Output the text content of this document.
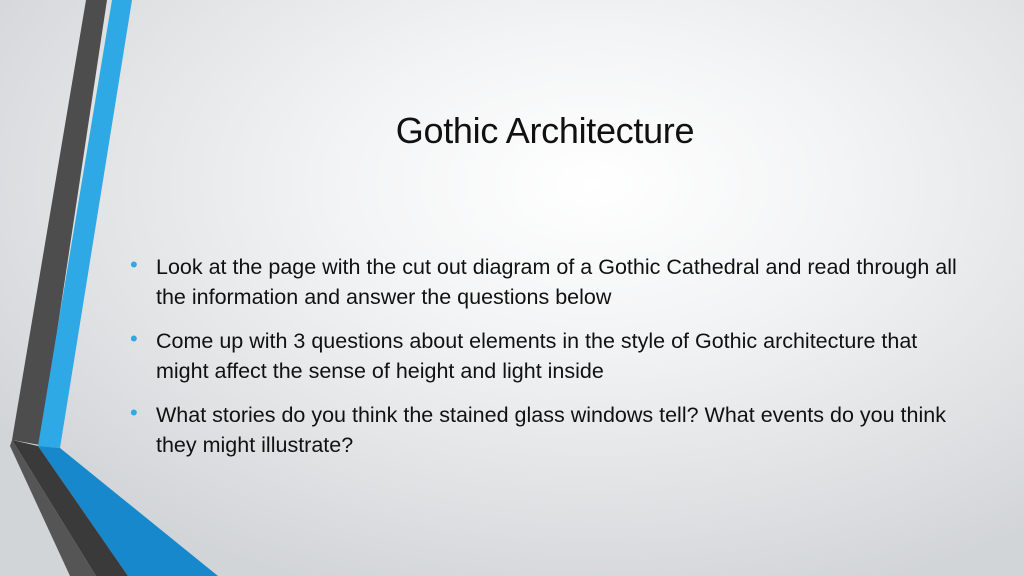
Gothic Architecture
• Look at the page with the cut out diagram of a Gothic Cathedral and read through all the information and answer the questions below
• Come up with 3 questions about elements in the style of Gothic architecture that might affect the sense of height and light inside
• What stories do you think the stained glass windows tell? What events do you think they might illustrate?
